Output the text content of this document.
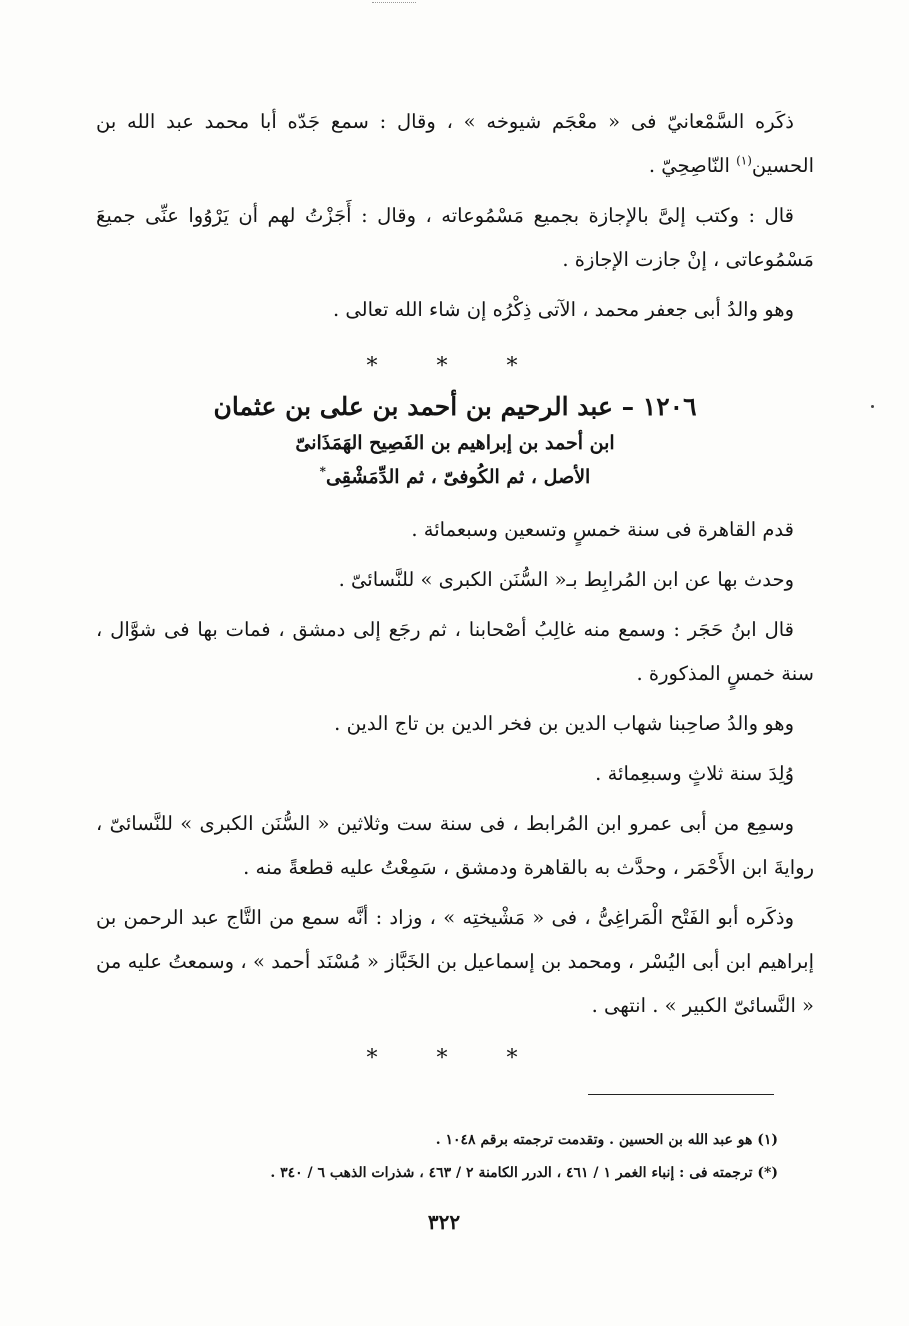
ذكَره السَّمْعانيّ فى « معْجَم شيوخه » ، وقال : سمع جَدّه أبا محمد عبد الله بن الحسين$^{(١)}$ النّاصِحِيّ .

قال : وكتب إلىَّ بالإجازة بجميع مَسْمُوعاته ، وقال : أَجَزْتُ لهم أن يَرْوُوا عنِّى جميعَ مَسْمُوعاتى ، إنْ جازت الإجازة .

وهو والدُ أبى جعفر محمد ، الآتى ذِكْرُه إن شاء الله تعالى .

* * *
١٢٠٦ – عبد الرحيم بن أحمد بن على بن عثمان
ابن أحمد بن إبراهيم بن الفَصِيح الهَمَذَانىّ
الأصل ، ثم الكُوفىّ ، ثم الدِّمَشْقِى*

قدم القاهرة فى سنة خمسٍ وتسعين وسبعمائة .

وحدث بها عن ابن المُرابِط بـ« السُّنَن الكبرى » للنَّسائىّ .

قال ابنُ حَجَر : وسمع منه غالِبُ أصْحابنا ، ثم رجَع إلى دمشق ، فمات بها فى شوَّال ، سنة خمسٍ المذكورة .

وهو والدُ صاحِبنا شهاب الدين بن فخر الدين بن تاج الدين .

وُلِدَ سنة ثلاثٍ وسبعِمائة .

وسمِع من أبى عمرو ابن المُرابط ، فى سنة ست وثلاثين « السُّنَن الكبرى » للنَّسائىّ ، روايةَ ابن الأَحْمَر ، وحدَّث به بالقاهرة ودمشق ، سَمِعْتُ عليه قطعةً منه .

وذكَره أبو الفَتْح الْمَراغِىُّ ، فى « مَشْيختِه » ، وزاد : أنَّه سمع من التَّاج عبد الرحمن بن إبراهيم ابن أبى اليُسْر ، ومحمد بن إسماعيل بن الخَبَّاز « مُسْنَد أحمد » ، وسمعتُ عليه من « النَّسائىّ الكبير » . انتهى .

* * *

(١) هو عبد الله بن الحسين . وتقدمت ترجمته برقم ١٠٤٨ .

(*) ترجمته فى : إنباء الغمر ١ / ٤٦١ ، الدرر الكامنة ٢ / ٤٦٣ ، شذرات الذهب ٦ / ٣٤٠ .

٣٢٢
